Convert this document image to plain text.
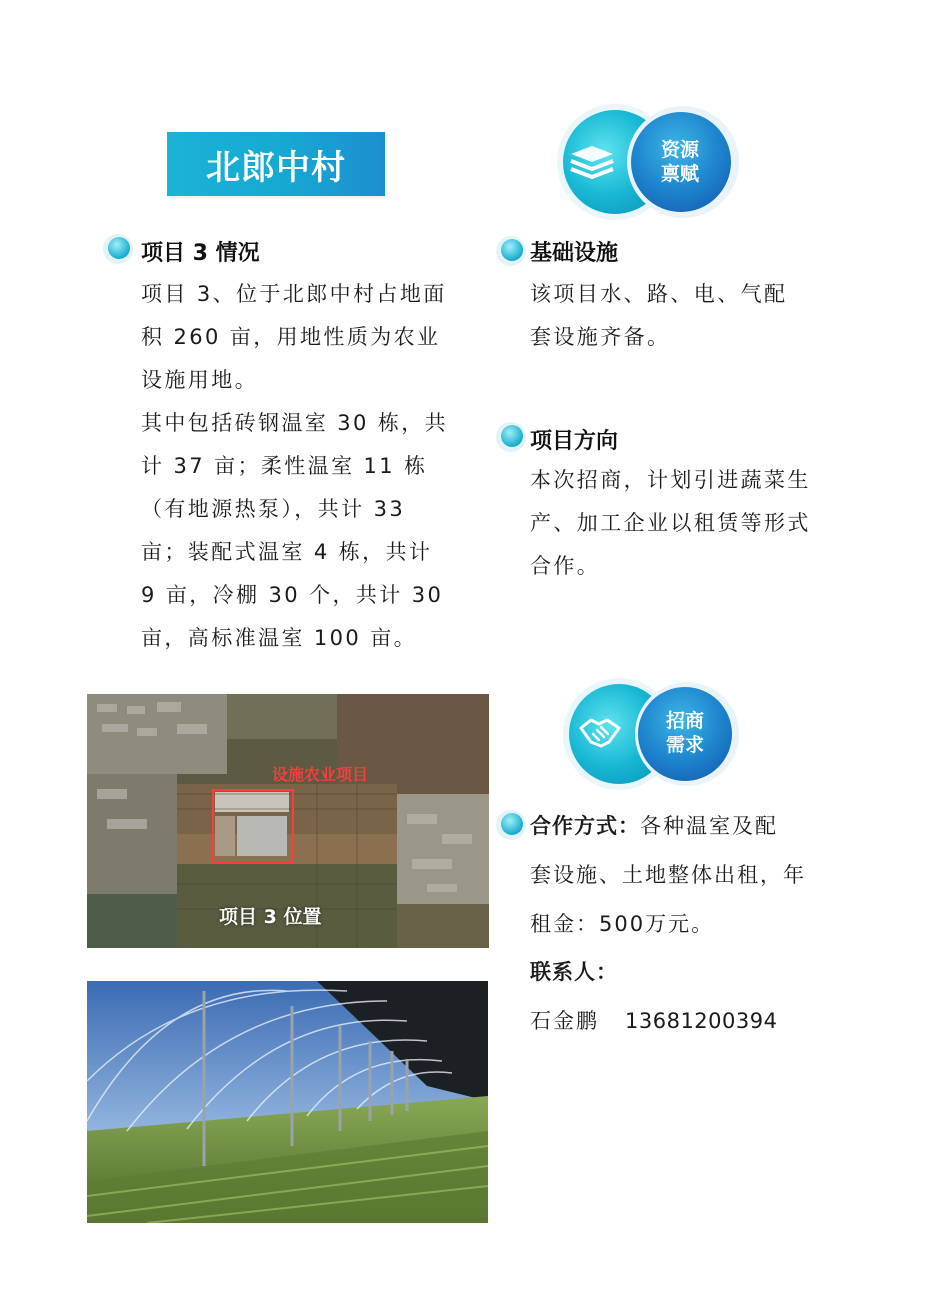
北郎中村	资源
禀赋
招商
需求
项目 3 情况

项目 3、位于北郎中村占地面积 260 亩，用地性质为农业设施用地。

其中包括砖钢温室 30 栋，共计 37 亩；柔性温室 11 栋（有地源热泵），共计 33 亩；装配式温室 4 栋，共计 9 亩，冷棚 30 个，共计 30 亩，高标准温室 100 亩。

基础设施
该项目水、路、电、气配套设施齐备。
项目方向
本次招商，计划引进蔬菜生产、加工企业以租赁等形式合作。
设施农业项目
项目 3 位置
合作方式：各种温室及配
套设施、土地整体出租，年
租金：500万元。
联系人：
石金鹏 13681200394
